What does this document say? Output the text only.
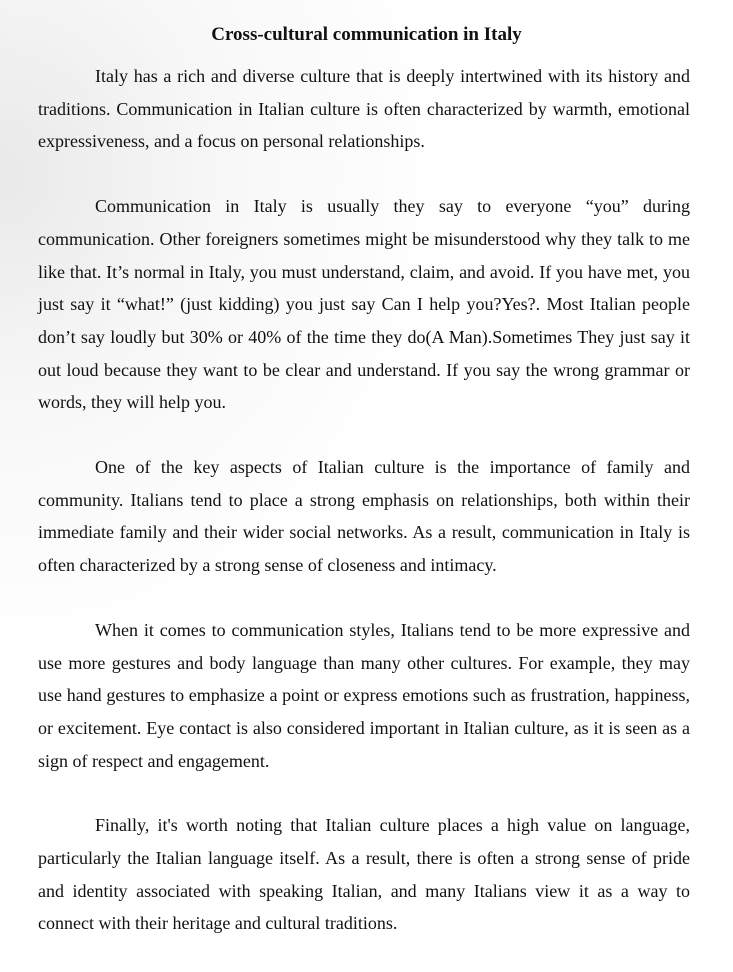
Cross-cultural communication in Italy

Italy has a rich and diverse culture that is deeply intertwined with its history and traditions. Communication in Italian culture is often characterized by warmth, emotional expressiveness, and a focus on personal relationships.

Communication in Italy is usually they say to everyone “you” during communication. Other foreigners sometimes might be misunderstood why they talk to me like that. It’s normal in Italy, you must understand, claim, and avoid. If you have met, you just say it “what!” (just kidding) you just say Can I help you?Yes?. Most Italian people don’t say loudly but 30% or 40% of the time they do(A Man).Sometimes They just say it out loud because they want to be clear and understand. If you say the wrong grammar or words, they will help you.

One of the key aspects of Italian culture is the importance of family and community. Italians tend to place a strong emphasis on relationships, both within their immediate family and their wider social networks. As a result, communication in Italy is often characterized by a strong sense of closeness and intimacy.

When it comes to communication styles, Italians tend to be more expressive and use more gestures and body language than many other cultures. For example, they may use hand gestures to emphasize a point or express emotions such as frustration, happiness, or excitement. Eye contact is also considered important in Italian culture, as it is seen as a sign of respect and engagement.

Finally, it's worth noting that Italian culture places a high value on language, particularly the Italian language itself. As a result, there is often a strong sense of pride and identity associated with speaking Italian, and many Italians view it as a way to connect with their heritage and cultural traditions.
